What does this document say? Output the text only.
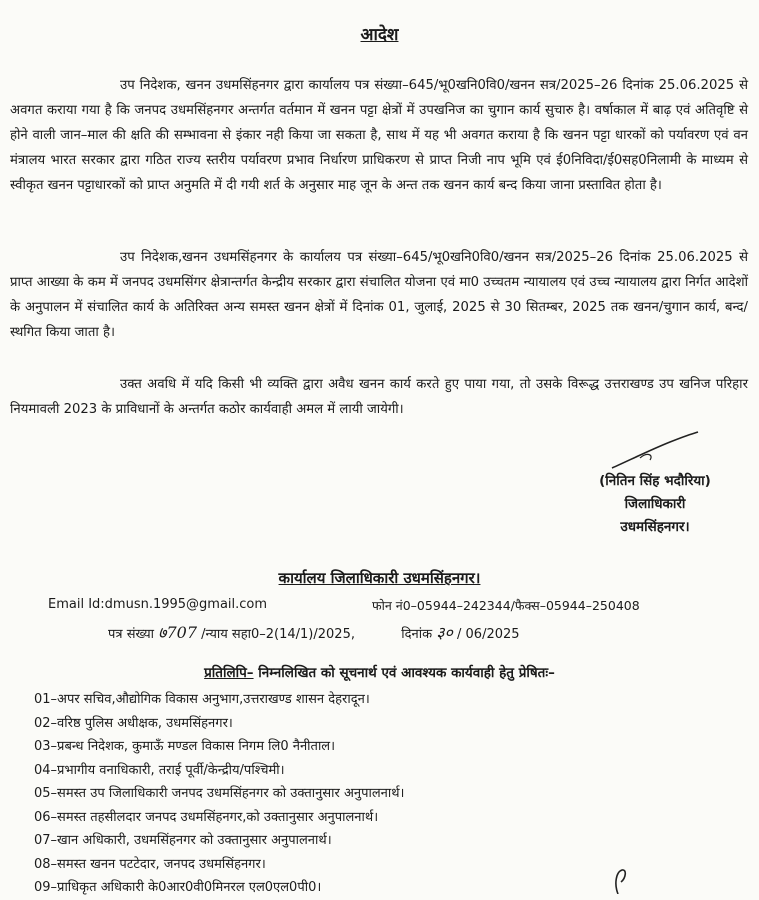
आदेश

उप निदेशक, खनन उधमसिंहनगर द्वारा कार्यालय पत्र संख्या–645/भू0खनि0वि0/खनन सत्र/2025–26 दिनांक 25.06.2025 से अवगत कराया गया है कि जनपद उधमसिंहनगर अन्तर्गत वर्तमान में खनन पट्टा क्षेत्रों में उपखनिज का चुगान कार्य सुचारु है। वर्षाकाल में बाढ़ एवं अतिवृष्टि से होने वाली जान–माल की क्षति की सम्भावना से इंकार नही किया जा सकता है, साथ में यह भी अवगत कराया है कि खनन पट्टा धारकों को पर्यावरण एवं वन मंत्रालय भारत सरकार द्वारा गठित राज्य स्तरीय पर्यावरण प्रभाव निर्धारण प्राधिकरण से प्राप्त निजी नाप भूमि एवं ई0निविदा/ई0सह0निलामी के माध्यम से स्वीकृत खनन पट्टाधारकों को प्राप्त अनुमति में दी गयी शर्त के अनुसार माह जून के अन्त तक खनन कार्य बन्द किया जाना प्रस्तावित होता है।

उप निदेशक,खनन उधमसिंहनगर के कार्यालय पत्र संख्या–645/भू0खनि0वि0/खनन सत्र/2025–26 दिनांक 25.06.2025 से प्राप्त आख्या के कम में जनपद उधमसिंगर क्षेत्रान्तर्गत केन्द्रीय सरकार द्वारा संचालित योजना एवं मा0 उच्चतम न्यायालय एवं उच्च न्यायालय द्वारा निर्गत आदेशों के अनुपालन में संचालित कार्य के अतिरिक्त अन्य समस्त खनन क्षेत्रों में दिनांक 01, जुलाई, 2025 से 30 सितम्बर, 2025 तक खनन/चुगान कार्य, बन्द/स्थगित किया जाता है।

उक्त अवधि में यदि किसी भी व्यक्ति द्वारा अवैध खनन कार्य करते हुए पाया गया, तो उसके विरूद्ध उत्तराखण्ड उप खनिज परिहार नियमावली 2023 के प्राविधानों के अन्तर्गत कठोर कार्यवाही अमल में लायी जायेगी।

(नितिन सिंह भदौरिया)
जिलाधिकारी
उधमसिंहनगर।
कार्यालय जिलाधिकारी उधमसिंहनगर।
Email Id:dmusn.1995@gmail.com	फोन नं0–05944–242344/फैक्स–05944–250408
पत्र संख्या ७707 /न्याय सहा0–2(14/1)/2025,	दिनांक ३० / 06/2025
प्रतिलिपि– निम्नलिखित को सूचनार्थ एवं आवश्यक कार्यवाही हेतु प्रेषितः–
01–अपर सचिव,औद्योगिक विकास अनुभाग,उत्तराखण्ड शासन देहरादून।
02–वरिष्ठ पुलिस अधीक्षक, उधमसिंहनगर।
03–प्रबन्ध निदेशक, कुमाऊँ मण्डल विकास निगम लि0 नैनीताल।
04–प्रभागीय वनाधिकारी, तराई पूर्वी/केन्द्रीय/पश्चिमी।
05–समस्त उप जिलाधिकारी जनपद उधमसिंहनगर को उक्तानुसार अनुपालनार्थ।
06–समस्त तहसीलदार जनपद उधमसिंहनगर,को उक्तानुसार अनुपालनार्थ।
07–खान अधिकारी, उधमसिंहनगर को उक्तानुसार अनुपालनार्थ।
08–समस्त खनन पटटेदार, जनपद उधमसिंहनगर।
09–प्राधिकृत अधिकारी के0आर0वी0मिनरल एल0एल0पी0।
